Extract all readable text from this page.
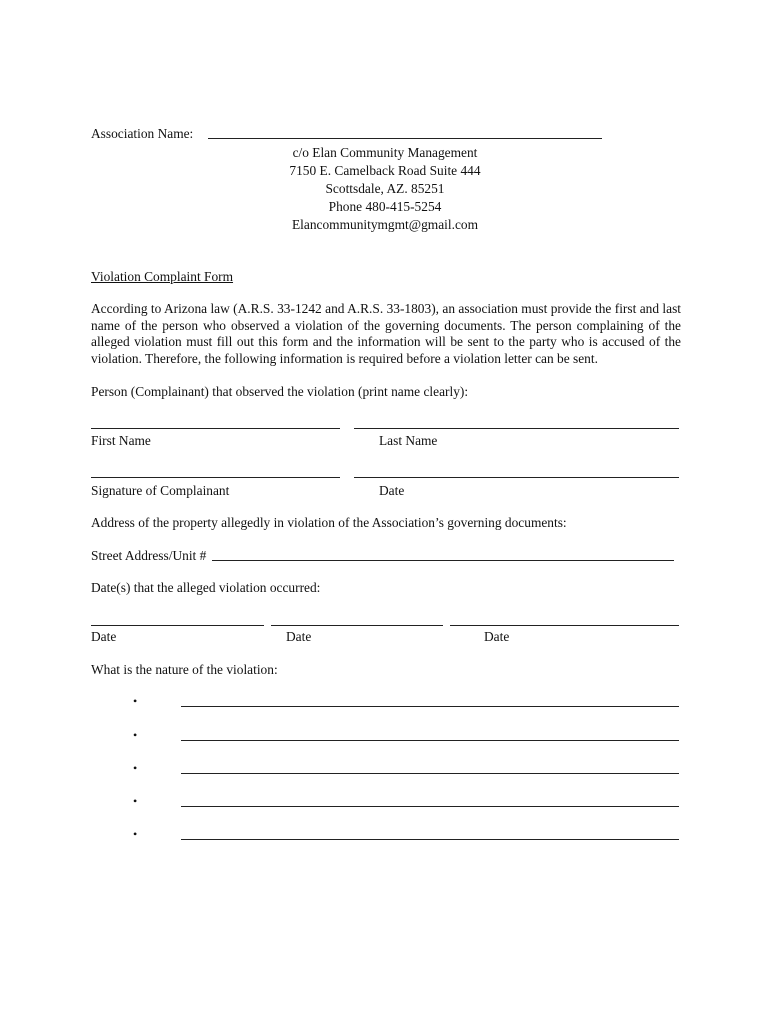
Association Name:
c/o Elan Community Management
7150 E. Camelback Road Suite 444
Scottsdale, AZ. 85251
Phone 480-415-5254
Elancommunitymgmt@gmail.com
Violation Complaint Form
According to Arizona law (A.R.S. 33-1242 and A.R.S. 33-1803), an association must provide the first and last name of the person who observed a violation of the governing documents. The person complaining of the alleged violation must fill out this form and the information will be sent to the party who is accused of the violation. Therefore, the following information is required before a violation letter can be sent.
Person (Complainant) that observed the violation (print name clearly):
First Name	Last Name
Signature of Complainant	Date
Address of the property allegedly in violation of the Association’s governing documents:
Street Address/Unit #
Date(s) that the alleged violation occurred:
Date	Date	Date
What is the nature of the violation:
•
•
•
•
•
